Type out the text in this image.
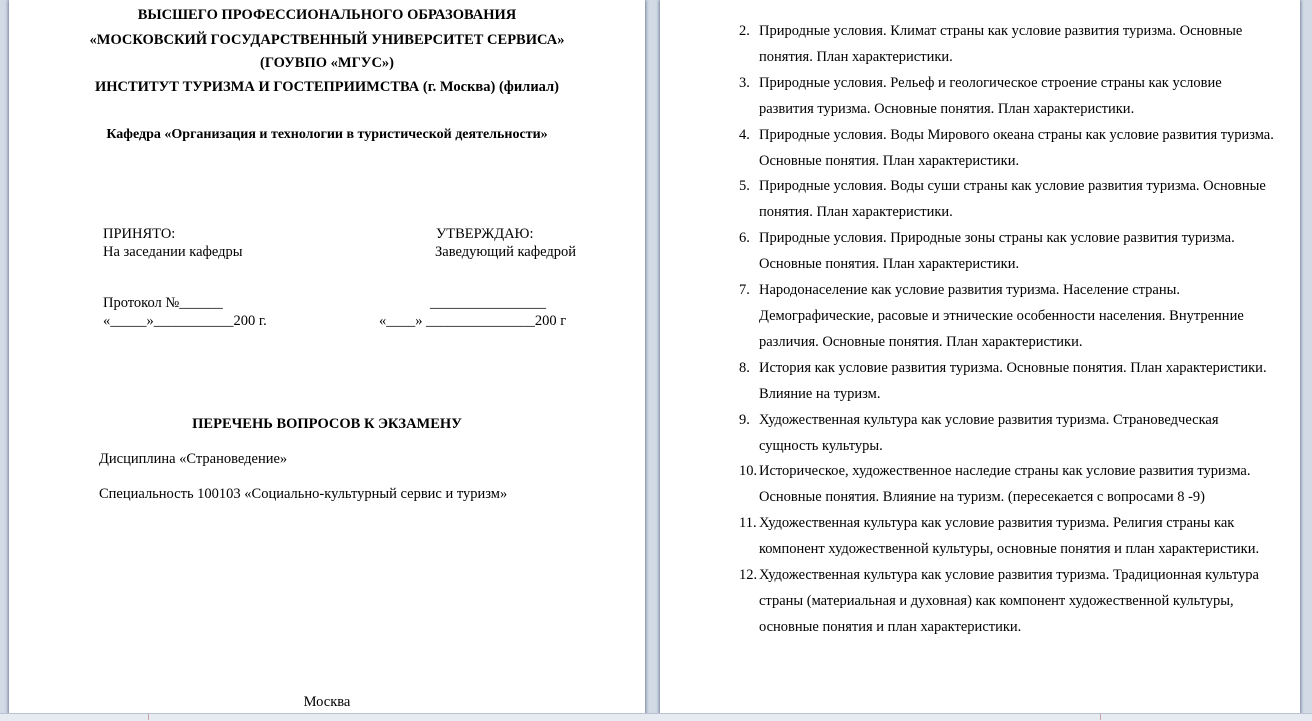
ВЫСШЕГО ПРОФЕССИОНАЛЬНОГО ОБРАЗОВАНИЯ
«МОСКОВСКИЙ ГОСУДАРСТВЕННЫЙ УНИВЕРСИТЕТ СЕРВИСА»
(ГОУВПО «МГУС»)
ИНСТИТУТ ТУРИЗМА И ГОСТЕПРИИМСТВА (г. Москва) (филиал)
Кафедра «Организация и технологии в туристической деятельности»
ПРИНЯТО:
На заседании кафедры
Протокол №______
«_____»___________200 г.
УТВЕРЖДАЮ:
Заведующий кафедрой
________________
«____» _______________200 г
ПЕРЕЧЕНЬ ВОПРОСОВ К ЭКЗАМЕНУ
Дисциплина «Страноведение»
Специальность 100103 «Социально-культурный сервис и туризм»
Москва
2. Природные условия. Климат страны как условие развития туризма. Основные понятия. План характеристики.
3. Природные условия. Рельеф и геологическое строение страны как условие развития туризма. Основные понятия. План характеристики.
4. Природные условия. Воды Мирового океана страны как условие развития туризма. Основные понятия. План характеристики.
5. Природные условия. Воды суши страны как условие развития туризма. Основные понятия. План характеристики.
6. Природные условия. Природные зоны страны как условие развития туризма. Основные понятия. План характеристики.
7. Народонаселение как условие развития туризма. Население страны. Демографические, расовые и этнические особенности населения. Внутренние различия. Основные понятия. План характеристики.
8. История как условие развития туризма. Основные понятия. План характеристики. Влияние на туризм.
9. Художественная культура как условие развития туризма. Страноведческая сущность культуры.
10. Историческое, художественное наследие страны как условие развития туризма. Основные понятия. Влияние на туризм. (пересекается с вопросами 8 -9)
11. Художественная культура как условие развития туризма. Религия страны как компонент художественной культуры, основные понятия и план характеристики.
12. Художественная культура как условие развития туризма. Традиционная культура страны (материальная и духовная) как компонент художественной культуры, основные понятия и план характеристики.
